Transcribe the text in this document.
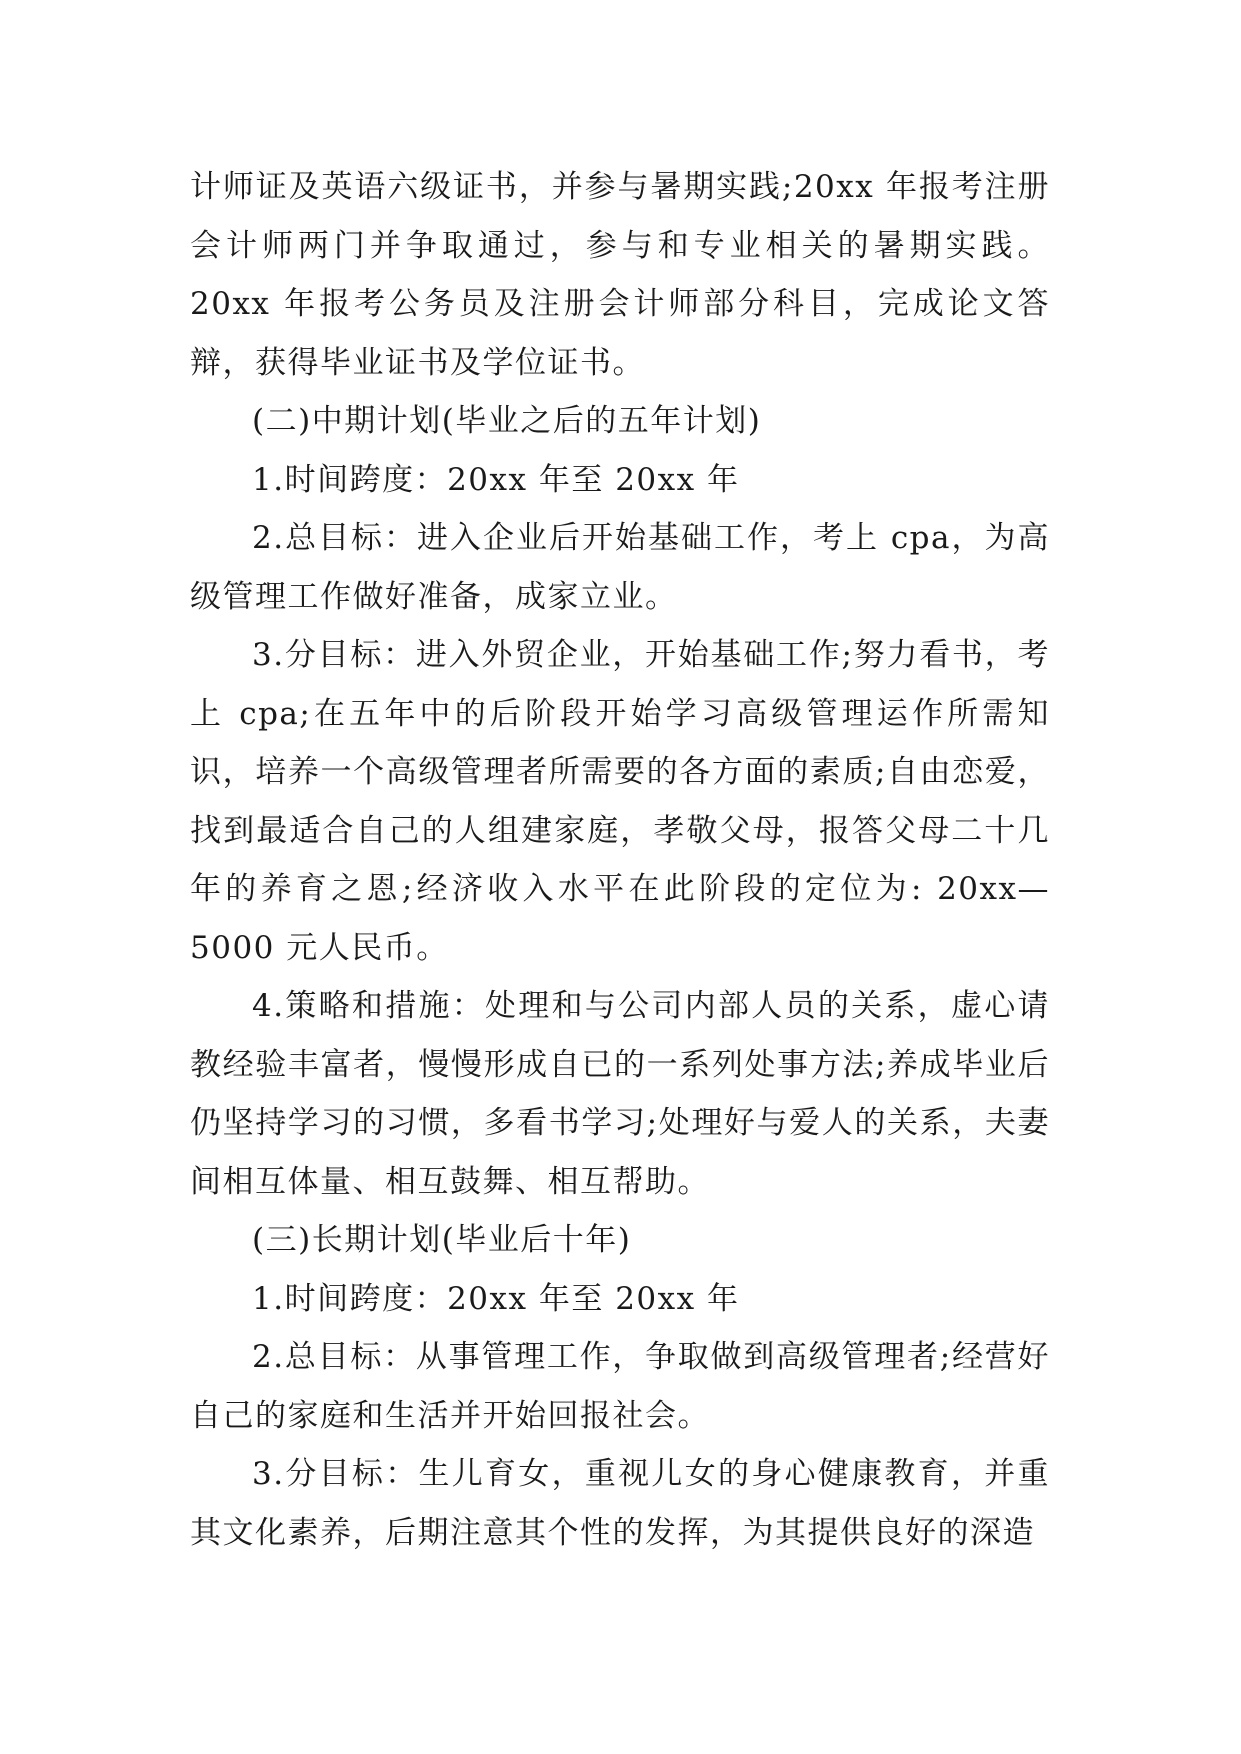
计师证及英语六级证书，并参与暑期实践;20xx 年报考注册会计师两门并争取通过，参与和专业相关的暑期实践。20xx 年报考公务员及注册会计师部分科目，完成论文答辩，获得毕业证书及学位证书。

(二)中期计划(毕业之后的五年计划)

1.时间跨度：20xx 年至 20xx 年

2.总目标：进入企业后开始基础工作，考上 cpa，为高级管理工作做好准备，成家立业。

3.分目标：进入外贸企业，开始基础工作;努力看书，考上 cpa;在五年中的后阶段开始学习高级管理运作所需知识，培养一个高级管理者所需要的各方面的素质;自由恋爱，找到最适合自己的人组建家庭，孝敬父母，报答父母二十几年的养育之恩;经济收入水平在此阶段的定位为: 20xx—5000 元人民币。

4.策略和措施：处理和与公司内部人员的关系，虚心请教经验丰富者，慢慢形成自已的一系列处事方法;养成毕业后仍坚持学习的习惯，多看书学习;处理好与爱人的关系，夫妻间相互体量、相互鼓舞、相互帮助。

(三)长期计划(毕业后十年)

1.时间跨度：20xx 年至 20xx 年

2.总目标：从事管理工作，争取做到高级管理者;经营好自己的家庭和生活并开始回报社会。

3.分目标：生儿育女，重视儿女的身心健康教育，并重其文化素养，后期注意其个性的发挥，为其提供良好的深造
